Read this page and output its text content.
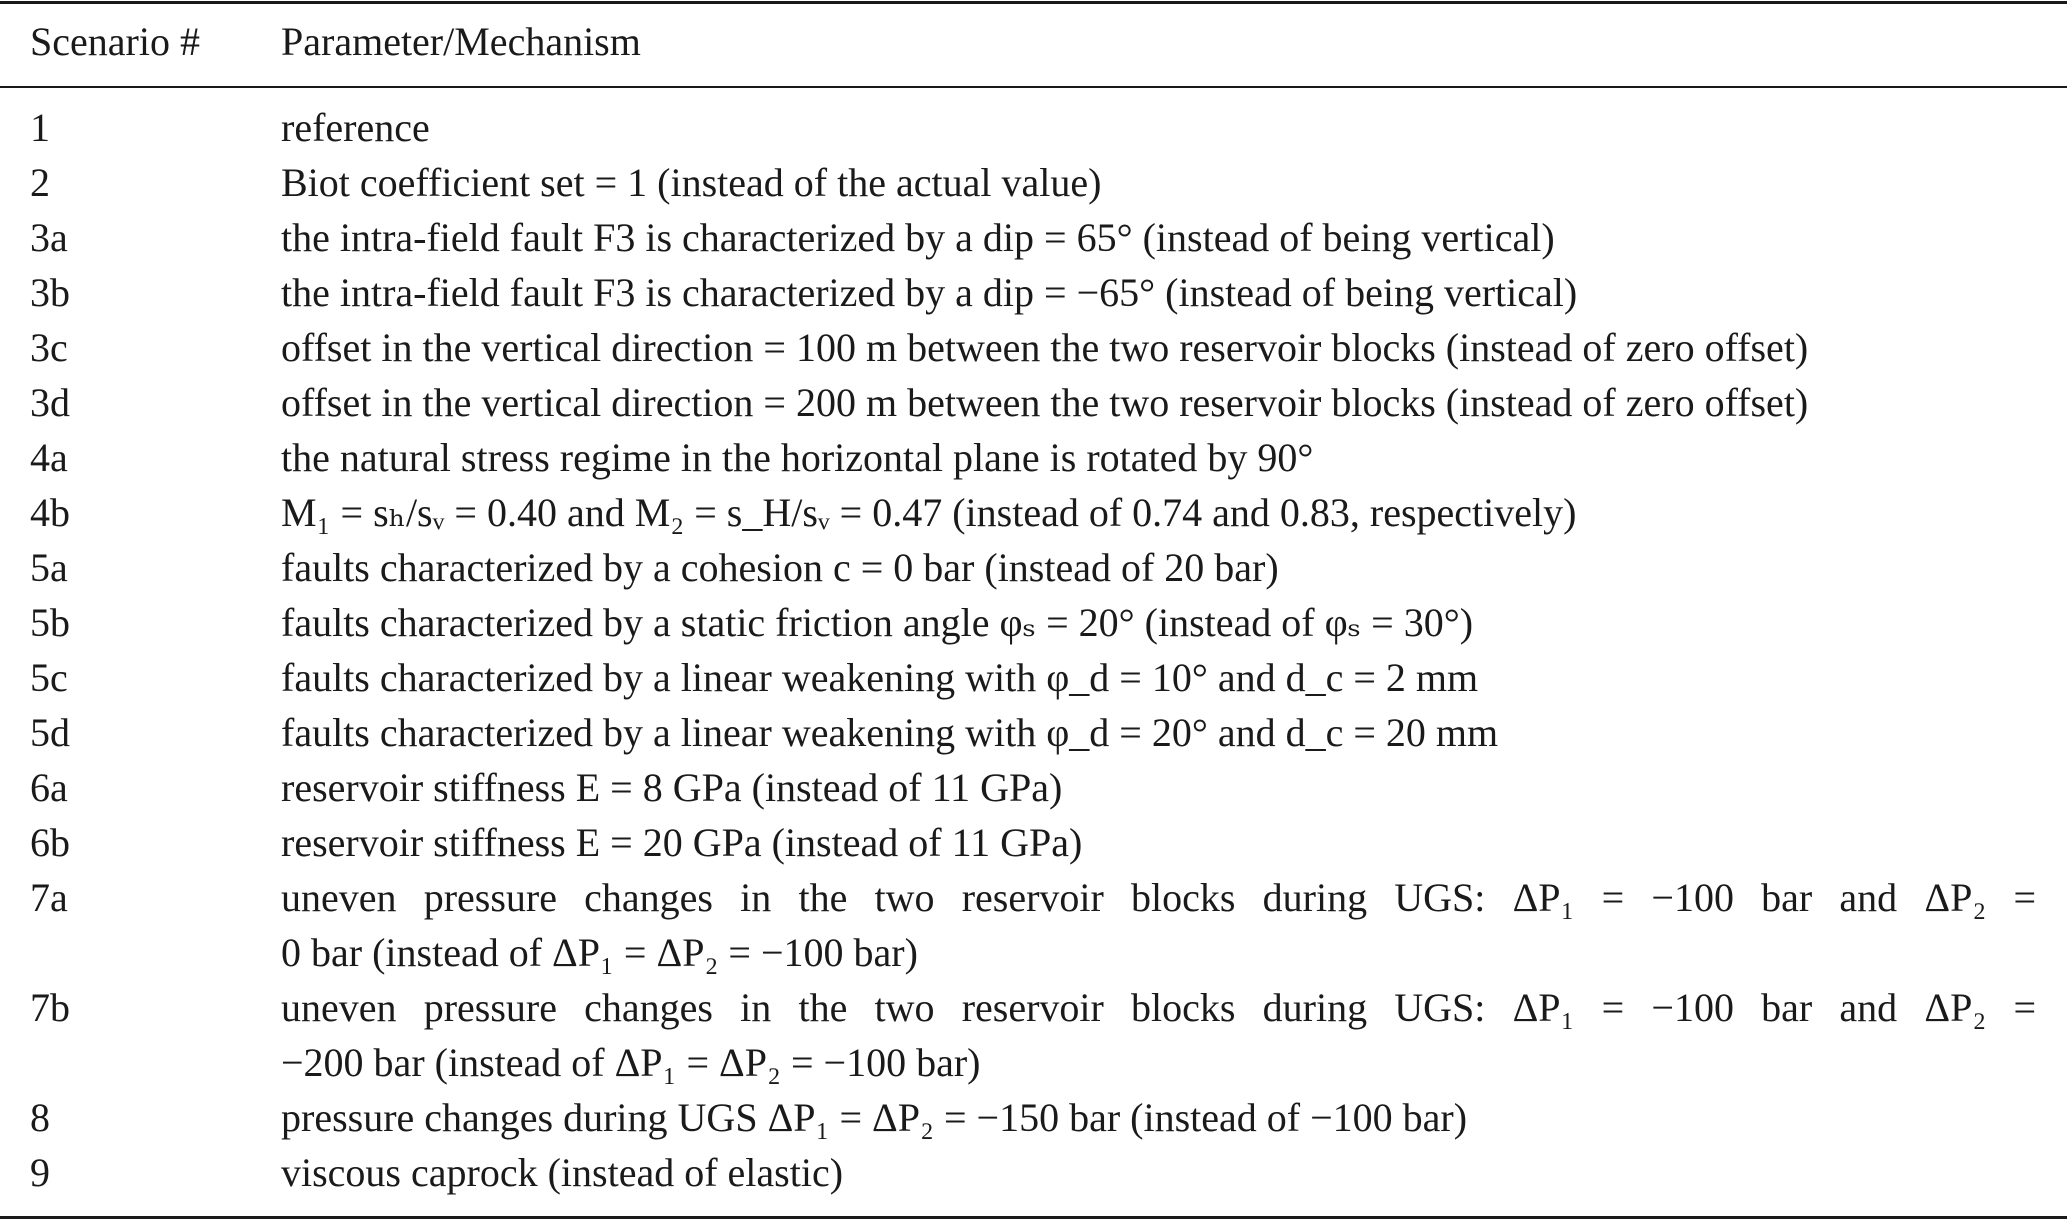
Scenario # Parameter/Mechanism
1	reference
2	Biot coefficient set = 1 (instead of the actual value)
3a	the intra-field fault F3 is characterized by a dip = 65° (instead of being vertical)
3b	the intra-field fault F3 is characterized by a dip = −65° (instead of being vertical)
3c	offset in the vertical direction = 100 m between the two reservoir blocks (instead of zero offset)
3d	offset in the vertical direction = 200 m between the two reservoir blocks (instead of zero offset)
4a	the natural stress regime in the horizontal plane is rotated by 90°
4b	M₁ = sₕ/sᵥ = 0.40 and M₂ = s_H/sᵥ = 0.47 (instead of 0.74 and 0.83, respectively)
5a	faults characterized by a cohesion c = 0 bar (instead of 20 bar)
5b	faults characterized by a static friction angle φₛ = 20° (instead of φₛ = 30°)
5c	faults characterized by a linear weakening with φ_d = 10° and d_c = 2 mm
5d	faults characterized by a linear weakening with φ_d = 20° and d_c = 20 mm
6a	reservoir stiffness E = 8 GPa (instead of 11 GPa)
6b	reservoir stiffness E = 20 GPa (instead of 11 GPa)
7a	uneven pressure changes in the two reservoir blocks during UGS: ΔP₁ = −100 bar and ΔP₂ =
0 bar (instead of ΔP₁ = ΔP₂ = −100 bar)
7b	uneven pressure changes in the two reservoir blocks during UGS: ΔP₁ = −100 bar and ΔP₂ =
−200 bar (instead of ΔP₁ = ΔP₂ = −100 bar)
8	pressure changes during UGS ΔP₁ = ΔP₂ = −150 bar (instead of −100 bar)
9	viscous caprock (instead of elastic)
